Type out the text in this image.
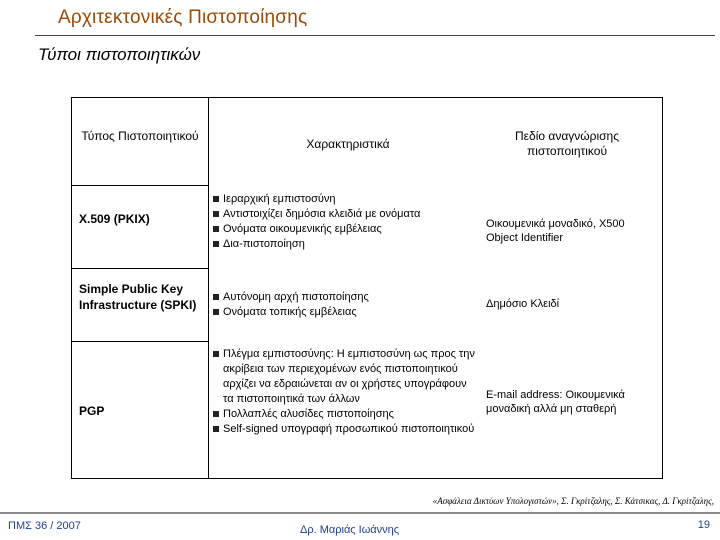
Αρχιτεκτονικές Πιστοποίησης
Τύποι πιστοποιητικών
Τύπος Πιστοποιητικού
Χαρακτηριστικά
Πεδίο αναγνώρισης πιστοποιητικού
X.509 (PKIX)
Ιεραρχική εμπιστοσύνη
Αντιστοιχίζει δημόσια κλειδιά με ονόματα
Ονόματα οικουμενικής εμβέλειας
Δια-πιστοποίηση
Οικουμενικά μοναδικό, X500 Object Identifier
Simple Public Key Infrastructure (SPKI)
Αυτόνομη αρχή πιστοποίησης
Ονόματα τοπικής εμβέλειας
Δημόσιο Κλειδί
PGP
Πλέγμα εμπιστοσύνης: Η εμπιστοσύνη ως προς την ακρίβεια των περιεχομένων ενός πιστοποιητικού αρχίζει να εδραιώνεται αν οι χρήστες υπογράφουν τα πιστοποιητικά των άλλων
Πολλαπλές αλυσίδες πιστοποίησης
Self-signed υπογραφή προσωπικού πιστοποιητικού
E-mail address: Οικουμενικά μοναδική αλλά μη σταθερή
«Ασφάλεια Δικτύων Υπολογιστών», Σ. Γκρίτζαλης, Σ. Κάτσικας, Δ. Γκρίτζαλης,
ΠΜΣ 36 / 2007	Δρ. Μαριάς Ιωάννης	19
